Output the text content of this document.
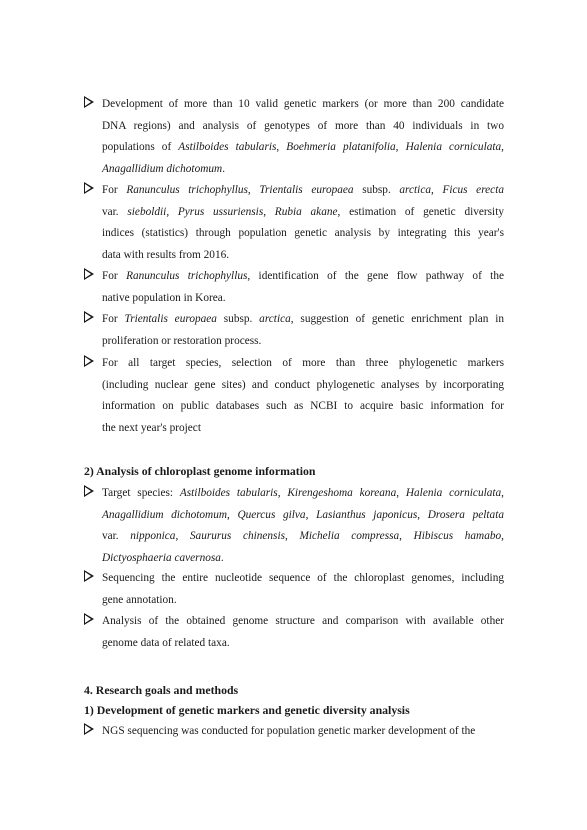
Development of more than 10 valid genetic markers (or more than 200 candidate
DNA regions) and analysis of genotypes of more than 40 individuals in two
populations of Astilboides tabularis, Boehmeria platanifolia, Halenia corniculata,
Anagallidium dichotomum.
For Ranunculus trichophyllus, Trientalis europaea subsp. arctica, Ficus erecta
var. sieboldii, Pyrus ussuriensis, Rubia akane, estimation of genetic diversity
indices (statistics) through population genetic analysis by integrating this year's
data with results from 2016.
For Ranunculus trichophyllus, identification of the gene flow pathway of the
native population in Korea.
For Trientalis europaea subsp. arctica, suggestion of genetic enrichment plan in
proliferation or restoration process.
For all target species, selection of more than three phylogenetic markers
(including nuclear gene sites) and conduct phylogenetic analyses by incorporating
information on public databases such as NCBI to acquire basic information for
the next year's project
2) Analysis of chloroplast genome information
Target species: Astilboides tabularis, Kirengeshoma koreana, Halenia corniculata,
Anagallidium dichotomum, Quercus gilva, Lasianthus japonicus, Drosera peltata
var. nipponica, Saururus chinensis, Michelia compressa, Hibiscus hamabo,
Dictyosphaeria cavernosa.
Sequencing the entire nucleotide sequence of the chloroplast genomes, including
gene annotation.
Analysis of the obtained genome structure and comparison with available other
genome data of related taxa.
4. Research goals and methods
1) Development of genetic markers and genetic diversity analysis
NGS sequencing was conducted for population genetic marker development of the
